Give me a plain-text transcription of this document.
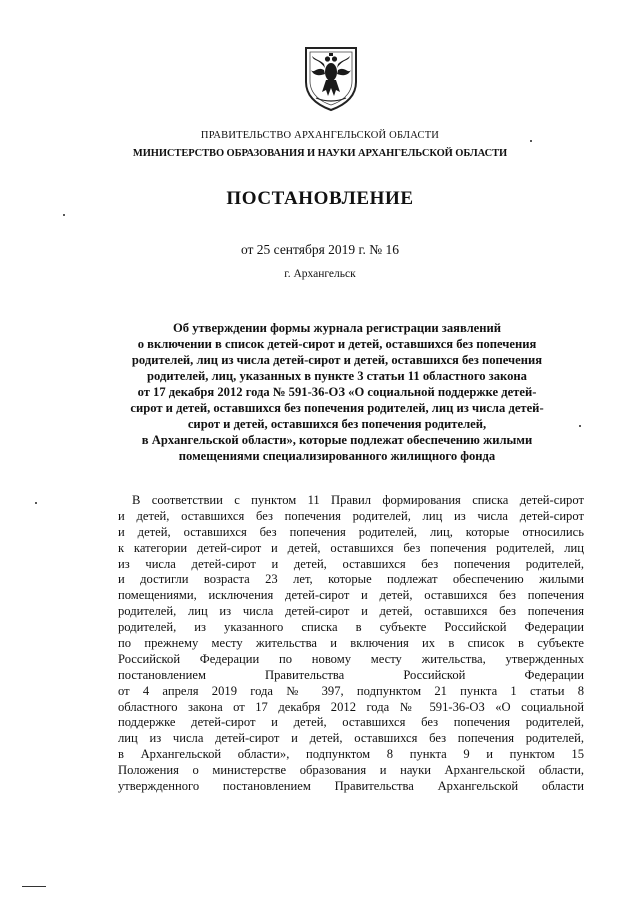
ПРАВИТЕЛЬСТВО АРХАНГЕЛЬСКОЙ ОБЛАСТИ
МИНИСТЕРСТВО ОБРАЗОВАНИЯ И НАУКИ АРХАНГЕЛЬСКОЙ ОБЛАСТИ
ПОСТАНОВЛЕНИЕ
от 25 сентября 2019 г. № 16
г. Архангельск
Об утверждении формы журнала регистрации заявлений
о включении в список детей-сирот и детей, оставшихся без попечения
родителей, лиц из числа детей-сирот и детей, оставшихся без попечения
родителей, лиц, указанных в пункте 3 статьи 11 областного закона
от 17 декабря 2012 года № 591-36-ОЗ «О социальной поддержке детей-
сирот и детей, оставшихся без попечения родителей, лиц из числа детей-
сирот и детей, оставшихся без попечения родителей,
в Архангельской области», которые подлежат обеспечению жилыми
помещениями специализированного жилищного фонда
В соответствии с пунктом 11 Правил формирования списка детей-сирот
и детей, оставшихся без попечения родителей, лиц из числа детей-сирот
и детей, оставшихся без попечения родителей, лиц, которые относились
к категории детей-сирот и детей, оставшихся без попечения родителей, лиц
из числа детей-сирот и детей, оставшихся без попечения родителей,
и достигли возраста 23 лет, которые подлежат обеспечению жилыми
помещениями, исключения детей-сирот и детей, оставшихся без попечения
родителей, лиц из числа детей-сирот и детей, оставшихся без попечения
родителей, из указанного списка в субъекте Российской Федерации
по прежнему месту жительства и включения их в список в субъекте
Российской Федерации по новому месту жительства, утвержденных
постановлением Правительства Российской Федерации
от 4 апреля 2019 года № 397, подпунктом 21 пункта 1 статьи 8
областного закона от 17 декабря 2012 года № 591-36-ОЗ «О социальной
поддержке детей-сирот и детей, оставшихся без попечения родителей,
лиц из числа детей-сирот и детей, оставшихся без попечения родителей,
в Архангельской области», подпунктом 8 пункта 9 и пунктом 15
Положения о министерстве образования и науки Архангельской области,
утвержденного постановлением Правительства Архангельской области
